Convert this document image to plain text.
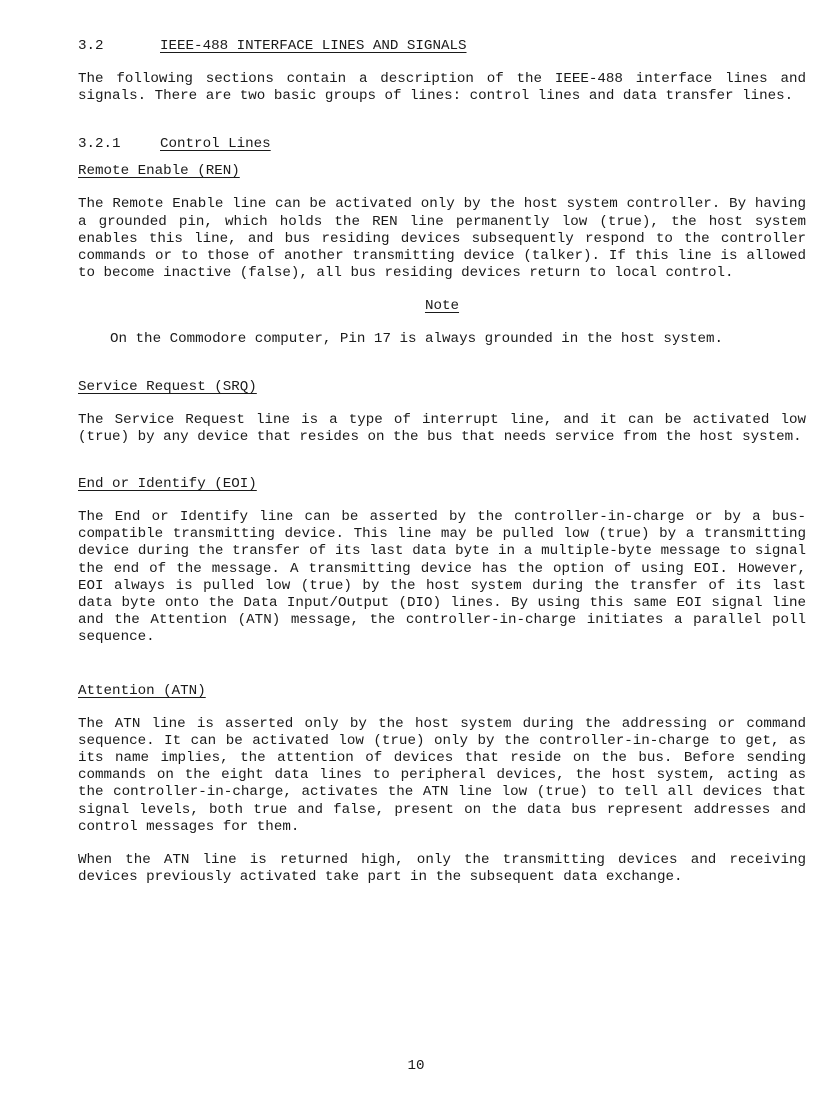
3.2	IEEE-488 INTERFACE LINES AND SIGNALS

The following sections contain a description of the IEEE-488 interface lines and signals. There are two basic groups of lines: control lines and data transfer lines.

3.2.1	Control Lines
Remote Enable (REN)

The Remote Enable line can be activated only by the host system controller. By having a grounded pin, which holds the REN line permanently low (true), the host system enables this line, and bus residing devices subsequently respond to the controller commands or to those of another transmitting device (talker). If this line is allowed to become inactive (false), all bus residing devices return to local control.

Note

On the Commodore computer, Pin 17 is always grounded in the host system.

Service Request (SRQ)

The Service Request line is a type of interrupt line, and it can be activated low (true) by any device that resides on the bus that needs service from the host system.

End or Identify (EOI)

The End or Identify line can be asserted by the controller-in-charge or by a bus-compatible transmitting device. This line may be pulled low (true) by a transmitting device during the transfer of its last data byte in a multiple-byte message to signal the end of the message. A transmitting device has the option of using EOI. However, EOI always is pulled low (true) by the host system during the transfer of its last data byte onto the Data Input/Output (DIO) lines. By using this same EOI signal line and the Attention (ATN) message, the controller-in-charge initiates a parallel poll sequence.

Attention (ATN)

The ATN line is asserted only by the host system during the addressing or command sequence. It can be activated low (true) only by the controller-in-charge to get, as its name implies, the attention of devices that reside on the bus. Before sending commands on the eight data lines to peripheral devices, the host system, acting as the controller-in-charge, activates the ATN line low (true) to tell all devices that signal levels, both true and false, present on the data bus represent addresses and control messages for them.

When the ATN line is returned high, only the transmitting devices and receiving devices previously activated take part in the subsequent data exchange.

10
